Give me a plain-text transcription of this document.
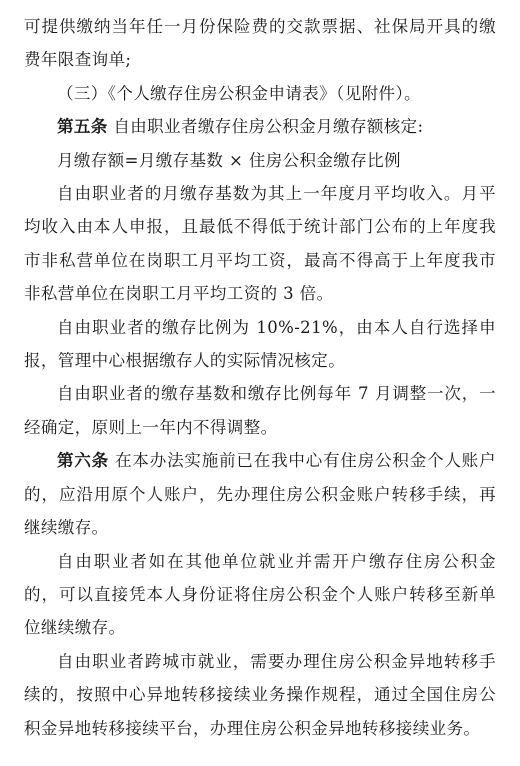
可提供缴纳当年任一月份保险费的交款票据、社保局开具的缴费年限查询单;

（三）《个人缴存住房公积金申请表》（见附件）。

第五条 自由职业者缴存住房公积金月缴存额核定:

月缴存额=月缴存基数 × 住房公积金缴存比例

自由职业者的月缴存基数为其上一年度月平均收入。月平均收入由本人申报，且最低不得低于统计部门公布的上年度我市非私营单位在岗职工月平均工资，最高不得高于上年度我市非私营单位在岗职工月平均工资的 3 倍。

自由职业者的缴存比例为 10%-21%，由本人自行选择申报，管理中心根据缴存人的实际情况核定。

自由职业者的缴存基数和缴存比例每年 7 月调整一次，一经确定，原则上一年内不得调整。

第六条 在本办法实施前已在我中心有住房公积金个人账户的，应沿用原个人账户，先办理住房公积金账户转移手续，再继续缴存。

自由职业者如在其他单位就业并需开户缴存住房公积金的，可以直接凭本人身份证将住房公积金个人账户转移至新单位继续缴存。

自由职业者跨城市就业，需要办理住房公积金异地转移手续的，按照中心异地转移接续业务操作规程，通过全国住房公积金异地转移接续平台，办理住房公积金异地转移接续业务。
